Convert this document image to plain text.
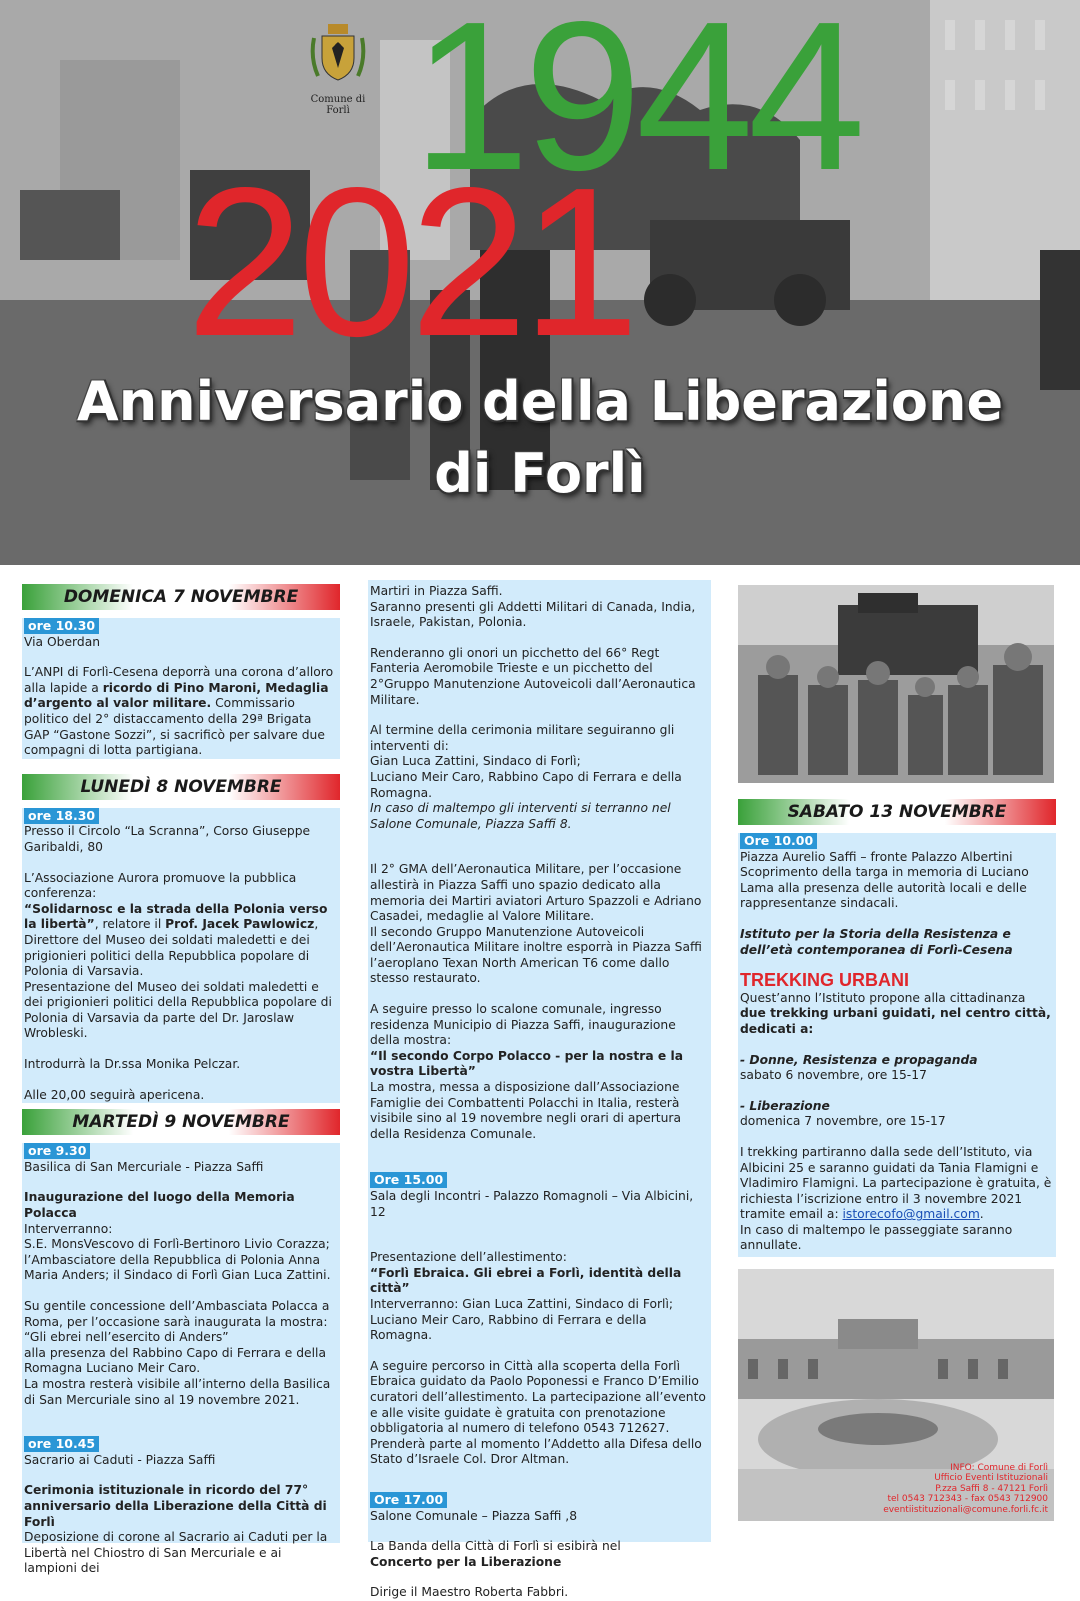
Comune di Forlì 1944
2021
Anniversario della Liberazione
di Forlì
DOMENICA 7 NOVEMBRE
ore 10.30
Via Oberdan

L’ANPI di Forlì-Cesena deporrà una corona d’alloro alla lapide a ricordo di Pino Maroni, Medaglia d’argento al valor militare. Commissario politico del 2° distaccamento della 29ª Brigata GAP “Gastone Sozzi”, si sacrificò per salvare due compagni di lotta partigiana.

LUNEDÌ 8 NOVEMBRE
ore 18.30

Presso il Circolo “La Scranna”, Corso Giuseppe Garibaldi, 80

L’Associazione Aurora promuove la pubblica conferenza:
“Solidarnosc e la strada della Polonia verso la libertà”, relatore il Prof. Jacek Pawlowicz, Direttore del Museo dei soldati maledetti e dei prigionieri politici della Repubblica popolare di Polonia di Varsavia.

Presentazione del Museo dei soldati maledetti e dei prigionieri politici della Repubblica popolare di Polonia di Varsavia da parte del Dr. Jaroslaw Wrobleski.

Introdurrà la Dr.ssa Monika Pelczar.

Alle 20,00 seguirà apericena.

MARTEDÌ 9 NOVEMBRE
ore 9.30

Basilica di San Mercuriale - Piazza Saffi

Inaugurazione del luogo della Memoria Polacca
Interverranno:

S.E. MonsVescovo di Forlì-Bertinoro Livio Corazza; l’Ambasciatore della Repubblica di Polonia Anna Maria Anders; il Sindaco di Forlì Gian Luca Zattini.

Su gentile concessione dell’Ambasciata Polacca a Roma, per l’occasione sarà inaugurata la mostra:
“Gli ebrei nell’esercito di Anders”
alla presenza del Rabbino Capo di Ferrara e della Romagna Luciano Meir Caro.

La mostra resterà visibile all’interno della Basilica di San Mercuriale sino al 19 novembre 2021.

ore 10.45

Sacrario ai Caduti - Piazza Saffi

Cerimonia istituzionale in ricordo del 77° anniversario della Liberazione della Città di Forlì
Deposizione di corone al Sacrario ai Caduti per la Libertà nel Chiostro di San Mercuriale e ai lampioni dei
Martiri in Piazza Saffi.

Saranno presenti gli Addetti Militari di Canada, India, Israele, Pakistan, Polonia.

Renderanno gli onori un picchetto del 66° Regt Fanteria Aeromobile Trieste e un picchetto del 2°Gruppo Manutenzione Autoveicoli dall’Aeronautica Militare.

Al termine della cerimonia militare seguiranno gli interventi di:
Gian Luca Zattini, Sindaco di Forlì;
Luciano Meir Caro, Rabbino Capo di Ferrara e della Romagna.

In caso di maltempo gli interventi si terranno nel Salone Comunale, Piazza Saffi 8.

Il 2° GMA dell’Aeronautica Militare, per l’occasione allestirà in Piazza Saffi uno spazio dedicato alla memoria dei Martiri aviatori Arturo Spazzoli e Adriano Casadei, medaglie al Valore Militare.

Il secondo Gruppo Manutenzione Autoveicoli dell’Aeronautica Militare inoltre esporrà in Piazza Saffi l’aeroplano Texan North American T6 come dallo stesso restaurato.

A seguire presso lo scalone comunale, ingresso residenza Municipio di Piazza Saffi, inaugurazione della mostra:
“Il secondo Corpo Polacco - per la nostra e la vostra Libertà”

La mostra, messa a disposizione dall’Associazione Famiglie dei Combattenti Polacchi in Italia, resterà visibile sino al 19 novembre negli orari di apertura della Residenza Comunale.

Ore 15.00

Sala degli Incontri - Palazzo Romagnoli – Via Albicini, 12

Presentazione dell’allestimento:
“Forlì Ebraica. Gli ebrei a Forlì, identità della città”

Interverranno: Gian Luca Zattini, Sindaco di Forlì; Luciano Meir Caro, Rabbino di Ferrara e della Romagna.

A seguire percorso in Città alla scoperta della Forlì Ebraica guidato da Paolo Poponessi e Franco D’Emilio curatori dell’allestimento. La partecipazione all’evento e alle visite guidate è gratuita con prenotazione obbligatoria al numero di telefono 0543 712627.

Prenderà parte al momento l’Addetto alla Difesa dello Stato d’Israele Col. Dror Altman.

Ore 17.00

Salone Comunale – Piazza Saffi ,8

La Banda della Città di Forlì si esibirà nel

Concerto per la Liberazione

Dirige il Maestro Roberta Fabbri.
SABATO 13 NOVEMBRE
Ore 10.00

Piazza Aurelio Saffi – fronte Palazzo Albertini

Scoprimento della targa in memoria di Luciano Lama alla presenza delle autorità locali e delle rappresentanze sindacali.

Istituto per la Storia della Resistenza e dell’età contemporanea di Forlì-Cesena

TREKKING URBANI

Quest’anno l’Istituto propone alla cittadinanza due trekking urbani guidati, nel centro città, dedicati a:

- Donne, Resistenza e propaganda

sabato 6 novembre, ore 15-17

- Liberazione

domenica 7 novembre, ore 15-17

I trekking partiranno dalla sede dell’Istituto, via Albicini 25 e saranno guidati da Tania Flamigni e Vladimiro Flamigni. La partecipazione è gratuita, è richiesta l’iscrizione entro il 3 novembre 2021 tramite email a: istorecofo@gmail.com.
In caso di maltempo le passeggiate saranno annullate.
INFO: Comune di Forlì
Ufficio Eventi Istituzionali
P.zza Saffi 8 - 47121 Forlì
tel 0543 712343 - fax 0543 712900
eventiistituzionali@comune.forli.fc.it
